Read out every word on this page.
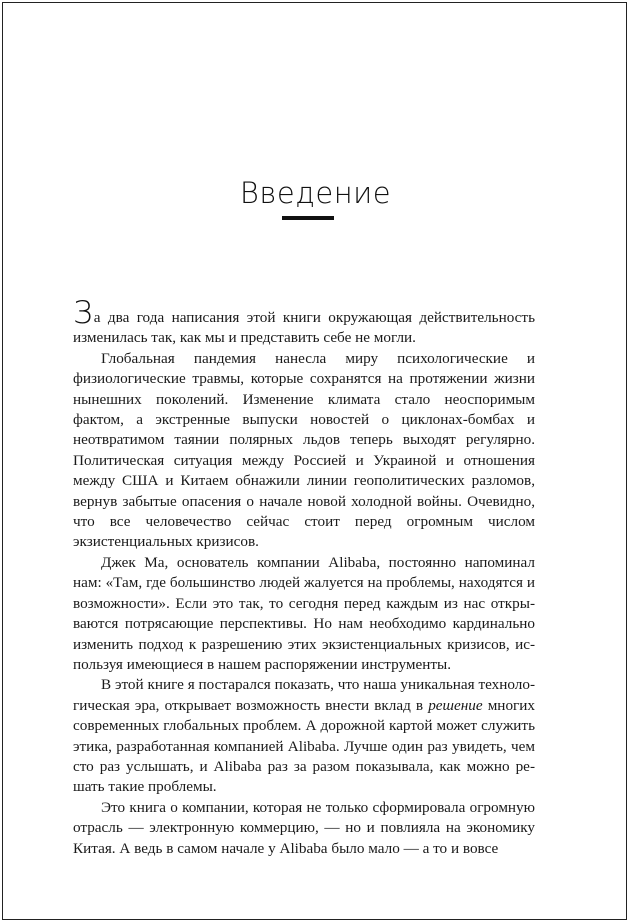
Введение

За два года написания этой книги окружающая действительность изменилась так, как мы и представить себе не могли.

Глобальная пандемия нанесла миру психологические и физиологические травмы, которые сохранятся на протяжении жизни нынешних поколений. Изменение климата стало неоспоримым фактом, а экстренные выпуски новостей о циклонах-бомбах и неотвратимом таянии полярных льдов теперь выходят регулярно. Политическая ситуация между Россией и Украиной и отношения между США и Китаем обнажили линии геополитических разломов, вернув забытые опасения о начале новой холодной войны. Очевидно, что все человечество сейчас стоит перед огромным числом экзистенциальных кризисов.

Джек Ма, основатель компании Alibaba, постоянно напоминал нам: «Там, где большинство людей жалуется на проблемы, находятся и возможности». Если это так, то сегодня перед каждым из нас открываются потрясающие перспективы. Но нам необходимо кардинально изменить подход к разрешению этих экзистенциальных кризисов, используя имеющиеся в нашем распоряжении инструменты.

В этой книге я постарался показать, что наша уникальная технологическая эра, открывает возможность внести вклад в решение многих современных глобальных проблем. А дорожной картой может служить этика, разработанная компанией Alibaba. Лучше один раз увидеть, чем сто раз услышать, и Alibaba раз за разом показывала, как можно решать такие проблемы.

Это книга о компании, которая не только сформировала огромную отрасль — электронную коммерцию, — но и повлияла на экономику Китая. А ведь в самом начале у Alibaba было мало — а то и вовсе
